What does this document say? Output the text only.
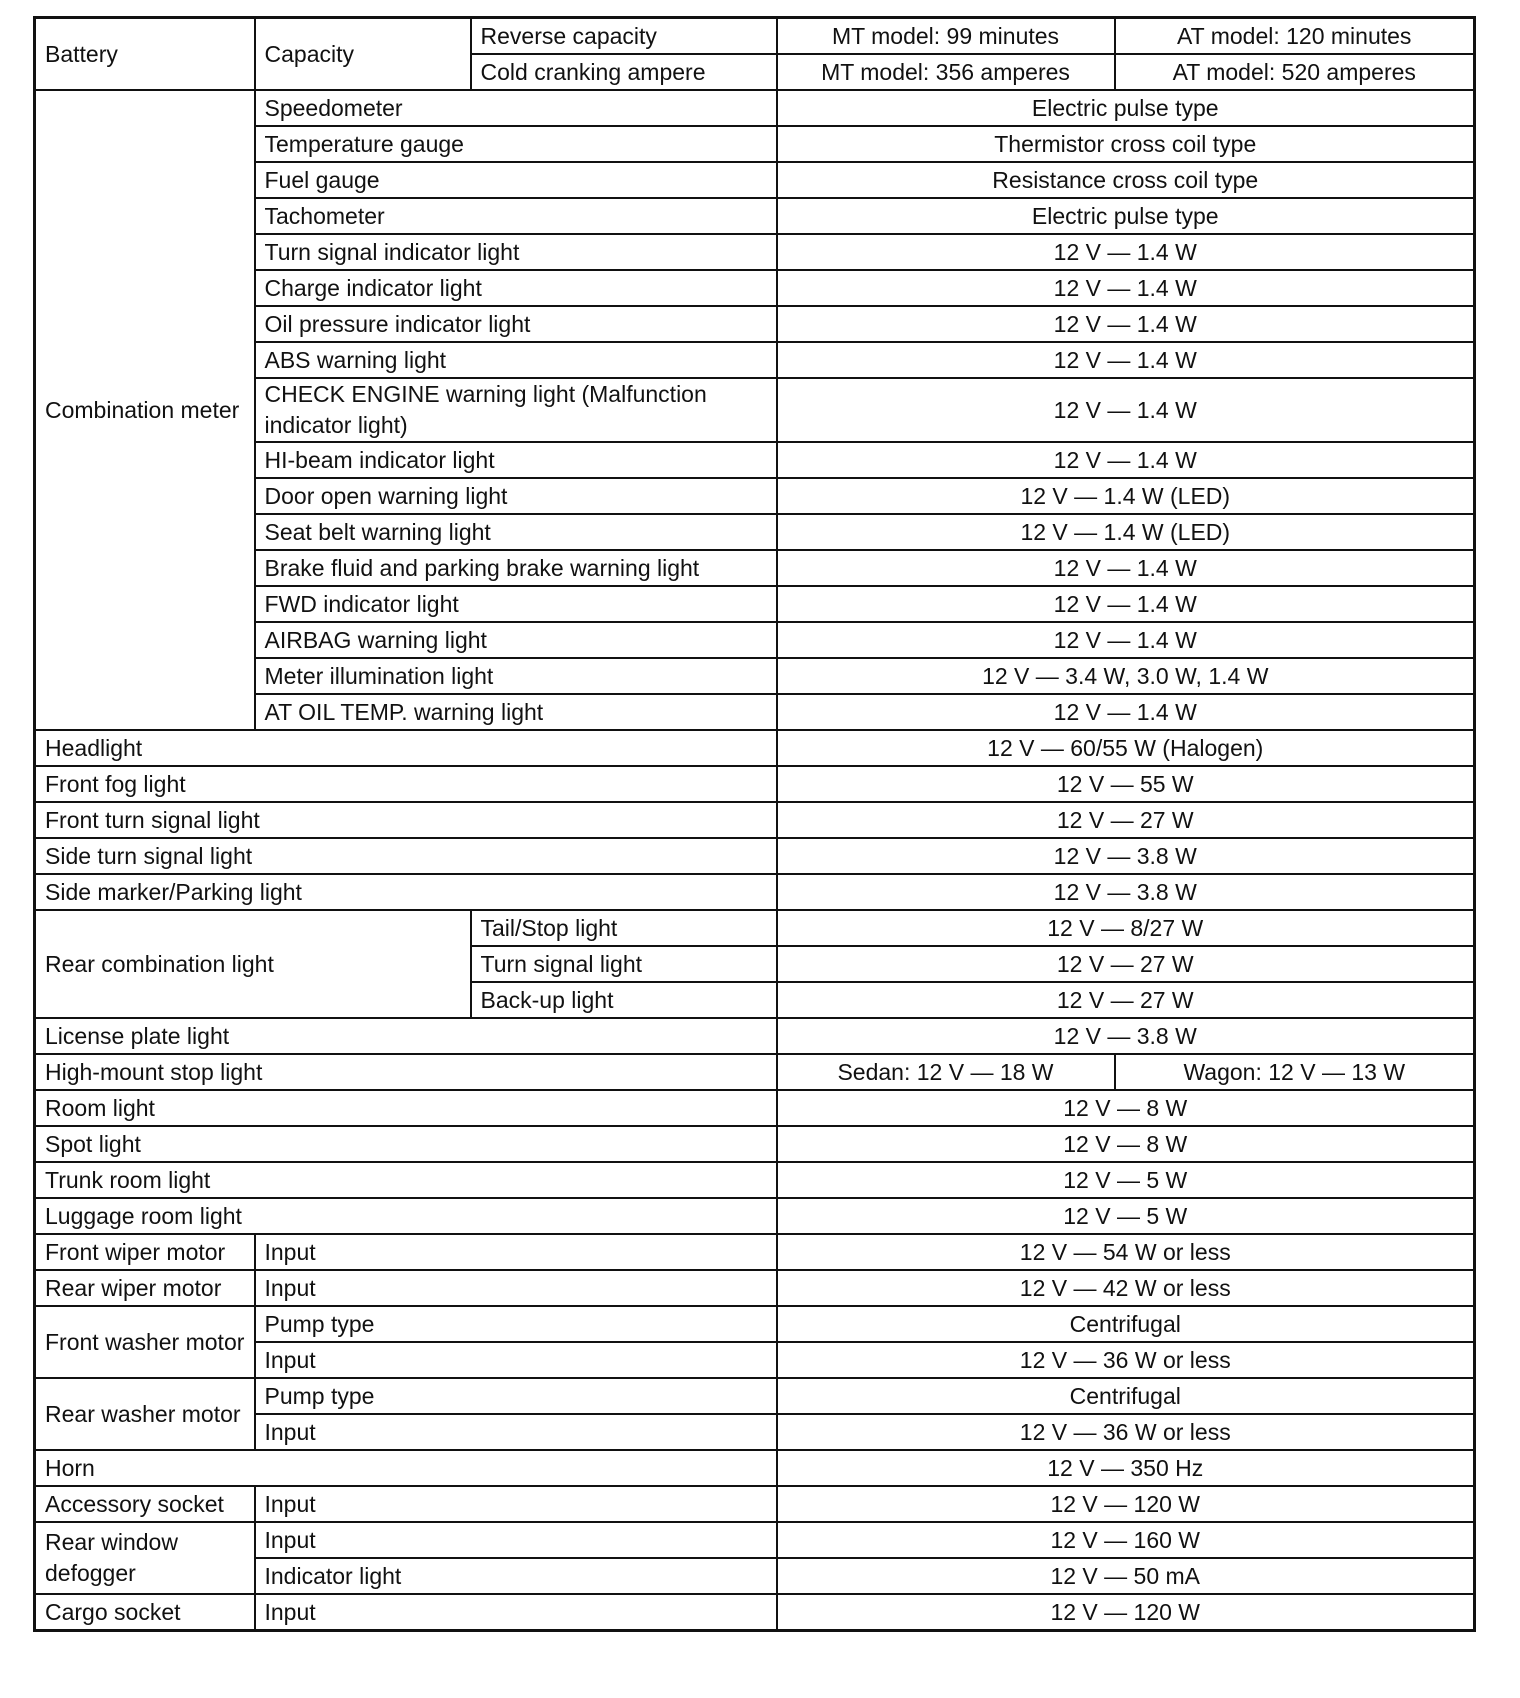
Battery	Capacity	Reverse capacity	MT model: 99 minutes	AT model: 120 minutes
		Cold cranking ampere	MT model: 356 amperes	AT model: 520 amperes
Combination meter	Speedometer		Electric pulse type	
	Temperature gauge		Thermistor cross coil type	
	Fuel gauge		Resistance cross coil type	
	Tachometer		Electric pulse type	
	Turn signal indicator light		12 V — 1.4 W	
	Charge indicator light		12 V — 1.4 W	
	Oil pressure indicator light		12 V — 1.4 W	
	ABS warning light		12 V — 1.4 W	
	CHECK ENGINE warning light (Malfunction indicator light)		12 V — 1.4 W	
	HI-beam indicator light		12 V — 1.4 W	
	Door open warning light		12 V — 1.4 W (LED)	
	Seat belt warning light		12 V — 1.4 W (LED)	
	Brake fluid and parking brake warning light		12 V — 1.4 W	
	FWD indicator light		12 V — 1.4 W	
	AIRBAG warning light		12 V — 1.4 W	
	Meter illumination light		12 V — 3.4 W, 3.0 W, 1.4 W	
	AT OIL TEMP. warning light		12 V — 1.4 W	
Headlight			12 V — 60/55 W (Halogen)	
Front fog light			12 V — 55 W	
Front turn signal light			12 V — 27 W	
Side turn signal light			12 V — 3.8 W	
Side marker/Parking light			12 V — 3.8 W	
Rear combination light		Tail/Stop light	12 V — 8/27 W	
		Turn signal light	12 V — 27 W	
		Back-up light	12 V — 27 W	
License plate light			12 V — 3.8 W	
High-mount stop light			Sedan: 12 V — 18 W	Wagon: 12 V — 13 W
Room light			12 V — 8 W	
Spot light			12 V — 8 W	
Trunk room light			12 V — 5 W	
Luggage room light			12 V — 5 W	
Front wiper motor	Input		12 V — 54 W or less	
Rear wiper motor	Input		12 V — 42 W or less	
Front washer motor	Pump type		Centrifugal	
	Input		12 V — 36 W or less	
Rear washer motor	Pump type		Centrifugal	
	Input		12 V — 36 W or less	
Horn			12 V — 350 Hz	
Accessory socket	Input		12 V — 120 W	
Rear window defogger	Input		12 V — 160 W	
	Indicator light		12 V — 50 mA	
Cargo socket	Input		12 V — 120 W	
